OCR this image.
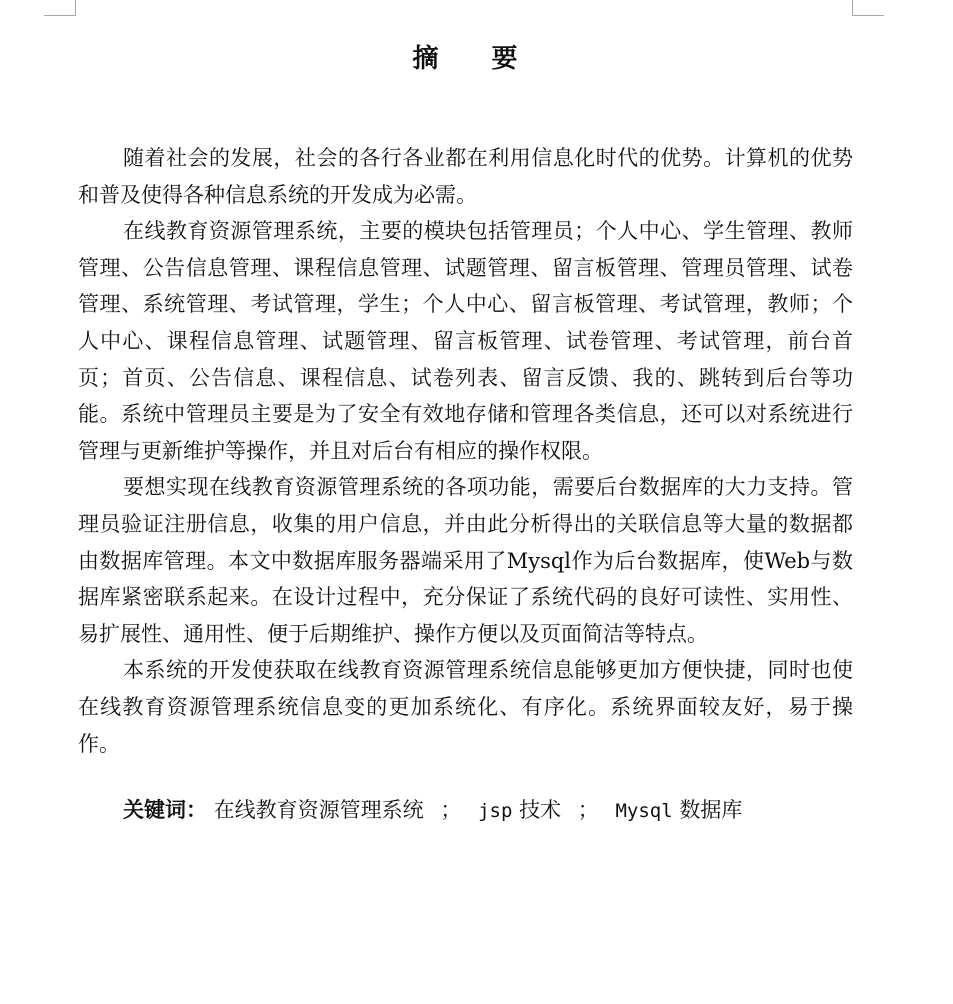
摘 要

随着社会的发展，社会的各行各业都在利用信息化时代的优势。计算机的优势和普及使得各种信息系统的开发成为必需。

在线教育资源管理系统，主要的模块包括管理员；个人中心、学生管理、教师管理、公告信息管理、课程信息管理、试题管理、留言板管理、管理员管理、试卷管理、系统管理、考试管理，学生；个人中心、留言板管理、考试管理，教师；个人中心、课程信息管理、试题管理、留言板管理、试卷管理、考试管理，前台首页；首页、公告信息、课程信息、试卷列表、留言反馈、我的、跳转到后台等功能。系统中管理员主要是为了安全有效地存储和管理各类信息，还可以对系统进行管理与更新维护等操作，并且对后台有相应的操作权限。

要想实现在线教育资源管理系统的各项功能，需要后台数据库的大力支持。管理员验证注册信息，收集的用户信息，并由此分析得出的关联信息等大量的数据都由数据库管理。本文中数据库服务器端采用了Mysql作为后台数据库，使Web与数据库紧密联系起来。在设计过程中，充分保证了系统代码的良好可读性、实用性、易扩展性、通用性、便于后期维护、操作方便以及页面简洁等特点。

本系统的开发使获取在线教育资源管理系统信息能够更加方便快捷，同时也使在线教育资源管理系统信息变的更加系统化、有序化。系统界面较友好，易于操作。

关键词： 在线教育资源管理系统 ； jsp 技术 ； Mysql 数据库
